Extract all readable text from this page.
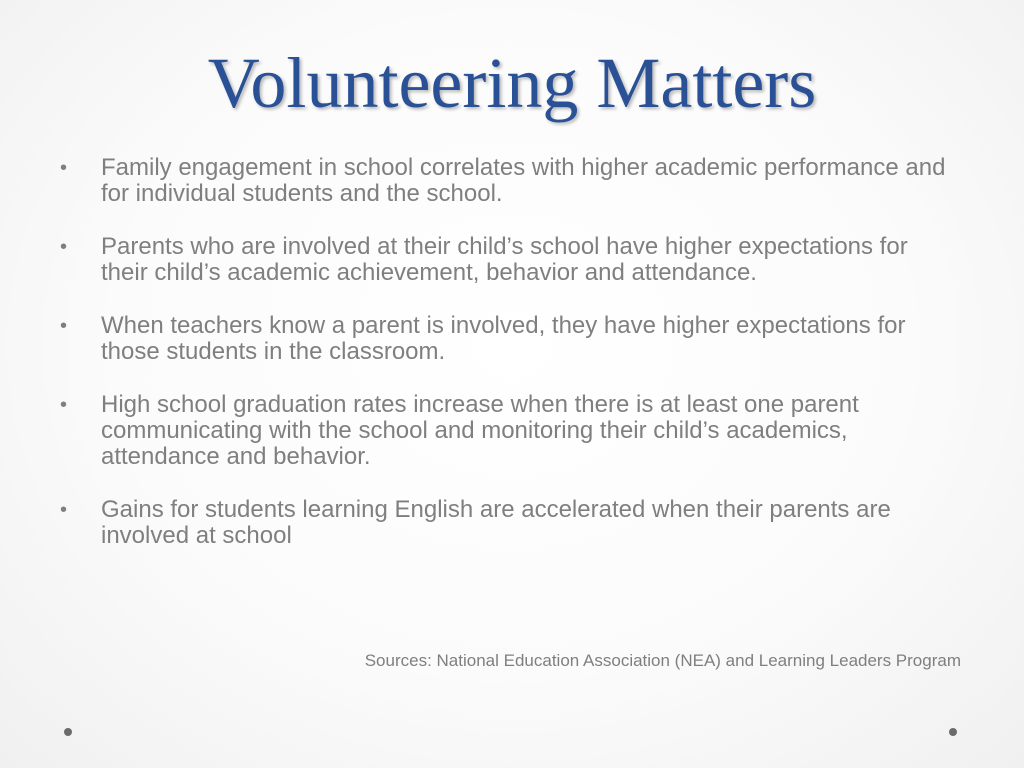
Volunteering Matters
• Family engagement in school correlates with higher academic performance and for individual students and the school.
• Parents who are involved at their child’s school have higher expectations for their child’s academic achievement, behavior and attendance.
• When teachers know a parent is involved, they have higher expectations for those students in the classroom.
• High school graduation rates increase when there is at least one parent communicating with the school and monitoring their child’s academics, attendance and behavior.
• Gains for students learning English are accelerated when their parents are involved at school
Sources: National Education Association (NEA) and Learning Leaders Program
